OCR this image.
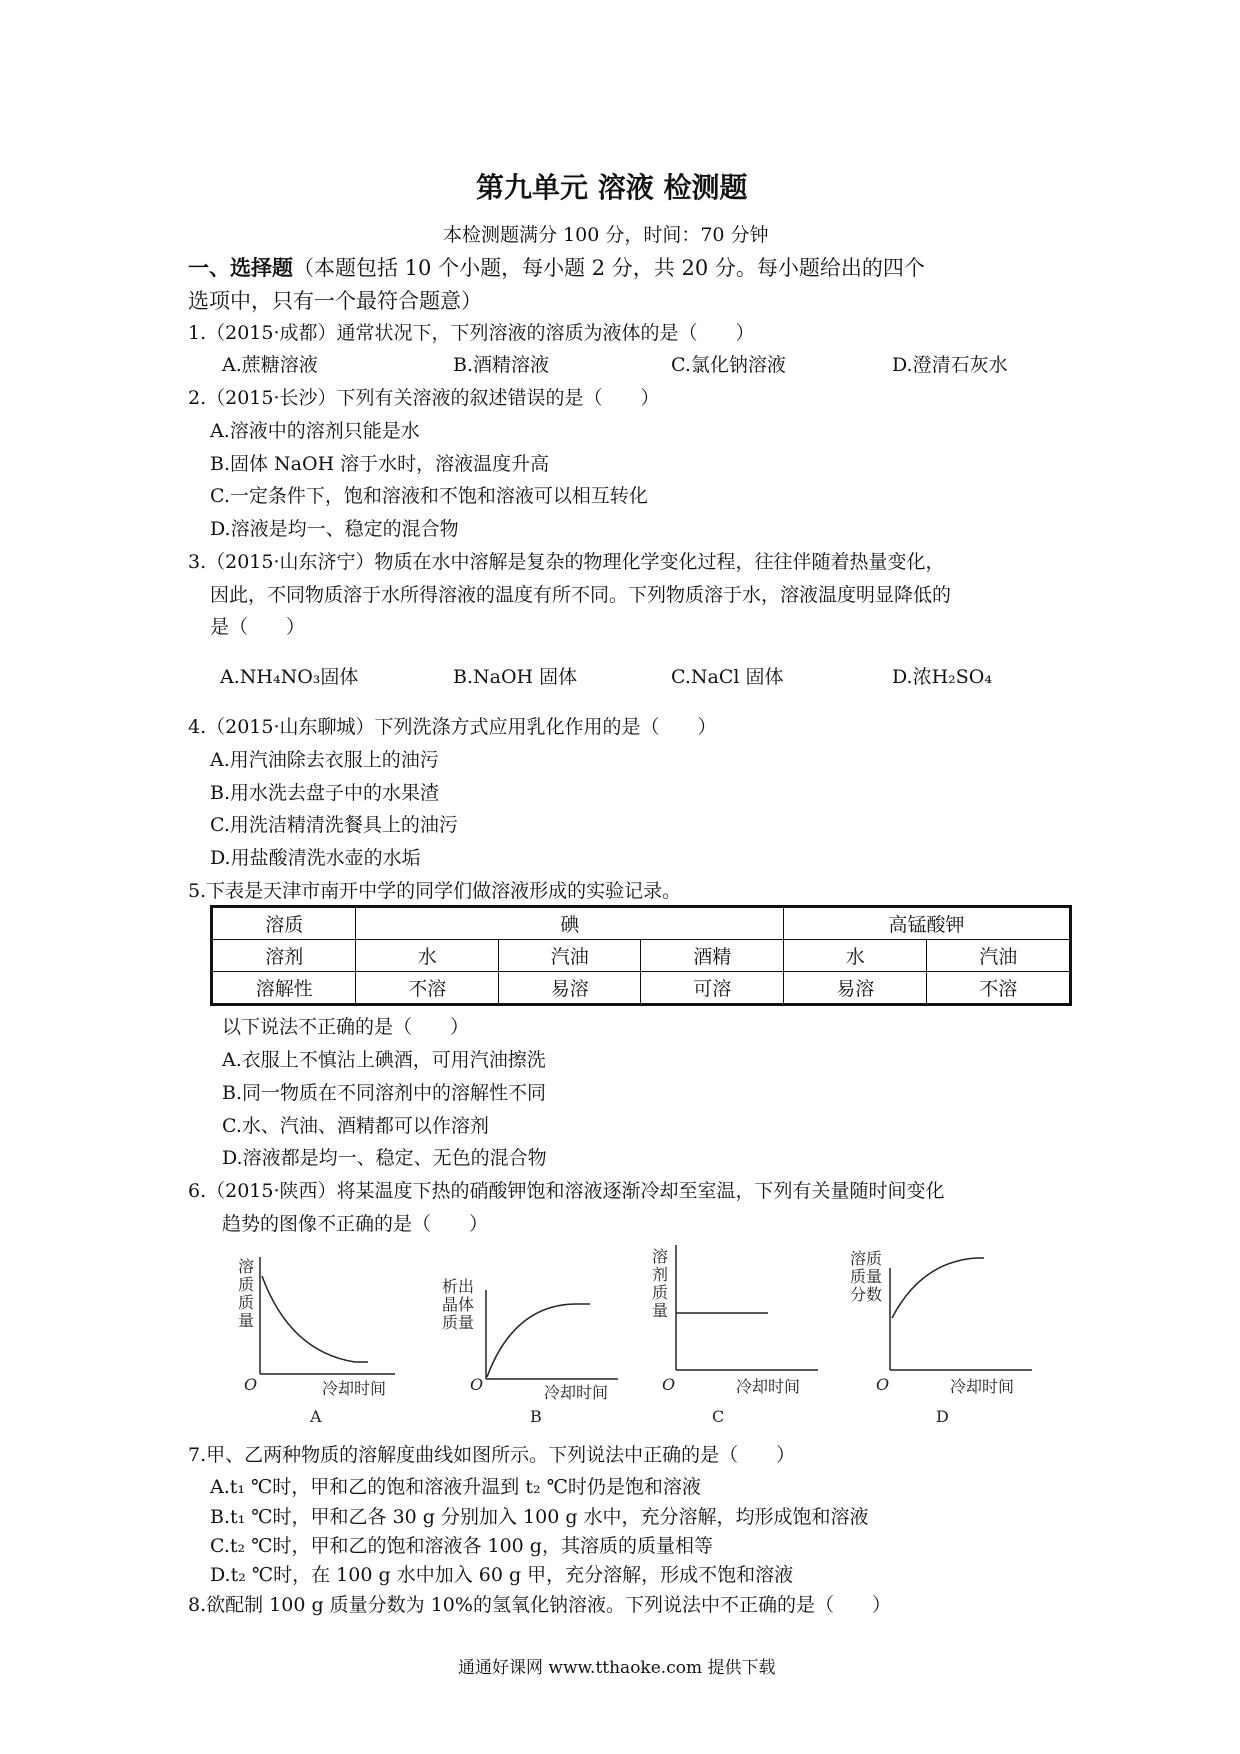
第九单元 溶液 检测题
本检测题满分 100 分，时间：70 分钟
一、选择题（本题包括 10 个小题，每小题 2 分，共 20 分。每小题给出的四个
选项中，只有一个最符合题意）
1.（2015·成都）通常状况下，下列溶液的溶质为液体的是（　　）
A.蔗糖溶液	B.酒精溶液	C.氯化钠溶液	D.澄清石灰水
2.（2015·长沙）下列有关溶液的叙述错误的是（　　）
A.溶液中的溶剂只能是水
B.固体 NaOH 溶于水时，溶液温度升高
C.一定条件下，饱和溶液和不饱和溶液可以相互转化
D.溶液是均一、稳定的混合物
3.（2015·山东济宁）物质在水中溶解是复杂的物理化学变化过程，往往伴随着热量变化，
因此，不同物质溶于水所得溶液的温度有所不同。下列物质溶于水，溶液温度明显降低的
是（　　）
A.NH₄NO₃固体	B.NaOH 固体	C.NaCl 固体	D.浓H₂SO₄
4.（2015·山东聊城）下列洗涤方式应用乳化作用的是（　　）
A.用汽油除去衣服上的油污
B.用水洗去盘子中的水果渣
C.用洗洁精清洗餐具上的油污
D.用盐酸清洗水壶的水垢
5.下表是天津市南开中学的同学们做溶液形成的实验记录。
溶质	碘			高锰酸钾	
溶剂	水	汽油	酒精	水	汽油
溶解性	不溶	易溶	可溶	易溶	不溶
以下说法不正确的是（　　）
A.衣服上不慎沾上碘酒，可用汽油擦洗
B.同一物质在不同溶剂中的溶解性不同
C.水、汽油、酒精都可以作溶剂
D.溶液都是均一、稳定、无色的混合物
6.（2015·陕西）将某温度下热的硝酸钾饱和溶液逐渐冷却至室温，下列有关量随时间变化
趋势的图像不正确的是（　　）
溶
质
质
量
O	冷却时间
A
析出
晶体
质量
O	冷却时间
B
溶
剂
质
量
O	冷却时间
C
溶质
质量
分数
O	冷却时间
D
7.甲、乙两种物质的溶解度曲线如图所示。下列说法中正确的是（　　）
A.t₁ ℃时，甲和乙的饱和溶液升温到 t₂ ℃时仍是饱和溶液
B.t₁ ℃时，甲和乙各 30 g 分别加入 100 g 水中，充分溶解，均形成饱和溶液
C.t₂ ℃时，甲和乙的饱和溶液各 100 g，其溶质的质量相等
D.t₂ ℃时，在 100 g 水中加入 60 g 甲，充分溶解，形成不饱和溶液
8.欲配制 100 g 质量分数为 10%的氢氧化钠溶液。下列说法中不正确的是（　　）
通通好课网 www.tthaoke.com 提供下载
